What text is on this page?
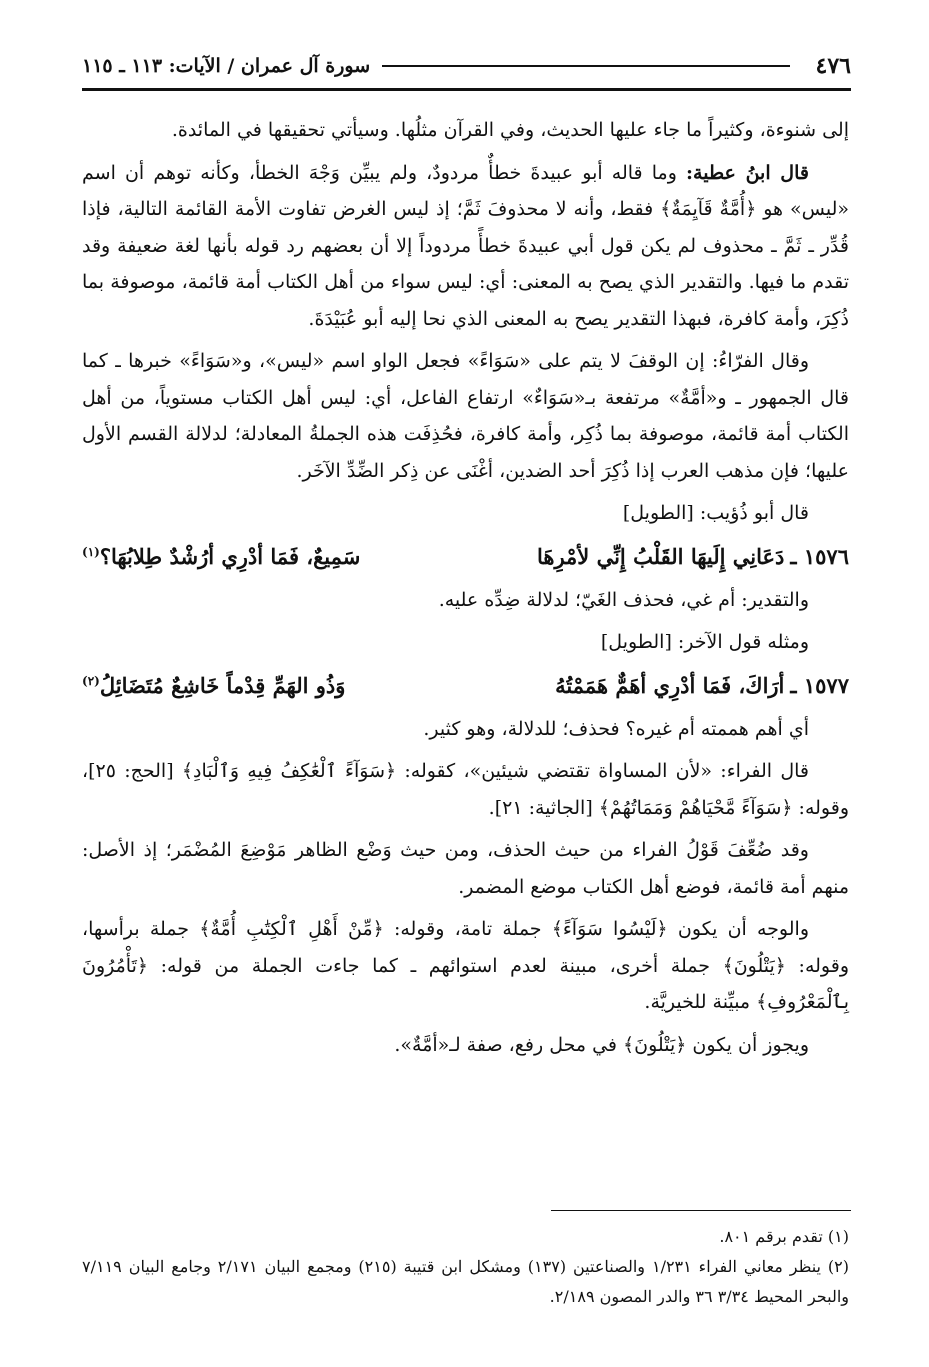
٤٧٦
سورة آل عمران / الآيات: ١١٣ ـ ١١٥

إلى شنوءة، وكثيراً ما جاء عليها الحديث، وفي القرآن مثلُها. وسيأتي تحقيقها في المائدة.

قال ابنُ عطية: وما قاله أبو عبيدةَ خطأٌ مردودٌ، ولم يبيِّن وَجْهَ الخطأ، وكأنه توهم أن اسم «ليس» هو ﴿أُمَّةٌ قَآيِمَةٌ﴾ فقط، وأنه لا محذوفَ ثَمَّ؛ إذ ليس الغرض تفاوت الأمة القائمة التالية، فإذا قُدِّر ـ ثَمَّ ـ محذوف لم يكن قول أبي عبيدةَ خطأً مردوداً إلا أن بعضهم رد قوله بأنها لغة ضعيفة وقد تقدم ما فيها. والتقدير الذي يصح به المعنى: أي: ليس سواء من أهل الكتاب أمة قائمة، موصوفة بما ذُكِرَ، وأمة كافرة، فبهذا التقدير يصح به المعنى الذي نحا إليه أبو عُبَيْدَةَ.

وقال الفرّاءُ: إن الوقفَ لا يتم على «سَوَاءً» فجعل الواو اسم «ليس»، و«سَوَاءً» خبرها ـ كما قال الجمهور ـ و«أمَّةٌ» مرتفعة بـ«سَوَاءٌ» ارتفاع الفاعل، أي: ليس أهل الكتاب مستوياً، من أهل الكتاب أمة قائمة، موصوفة بما ذُكِر، وأمة كافرة، فحُذِفَت هذه الجملةُ المعادلة؛ لدلالة القسم الأول عليها؛ فإن مذهب العرب إذا ذُكِرَ أحد الضدين، أغْنَى عن ذِكر الضِّدِّ الآخَر.

قال أبو ذُؤيب: [الطويل]

١٥٧٦ ـ
دَعَانِي إِلَيهَا القَلْبُ إِنِّي لأمْرِهَا
سَمِيعٌ، فَمَا أدْرِي أرُشْدٌ طِلابُهَا؟$^{(١)}$

والتقدير: أم غي، فحذف الغَيّ؛ لدلالة ضِدِّه عليه.

ومثله قول الآخر: [الطويل]

١٥٧٧ ـ
أرَاكَ، فَمَا أدْرِي أهَمٌّ هَمَمْتُهُ
وَذُو الهَمِّ قِدْماً خَاشِعٌ مُتَضَائِلُ$^{(٢)}$

أي أهم هممته أم غيره؟ فحذف؛ للدلالة، وهو كثير.

قال الفراء: «لأن المساواة تقتضي شيئين»، كقوله: ﴿سَوَآءً ٱلْعَٰكِفُ فِيهِ وَٱلْبَادِ﴾ [الحج: ٢٥]، وقوله: ﴿سَوَآءً مَّحْيَاهُمْ وَمَمَاتُهُمْ﴾ [الجاثية: ٢١].

وقد ضُعِّفَ قَوْلُ الفراء من حيث الحذف، ومن حيث وَضْع الظاهر مَوْضِعَ المُضْمَر؛ إذ الأصل: منهم أمة قائمة، فوضع أهل الكتاب موضع المضمر.

والوجه أن يكون ﴿لَيْسُوا سَوَآءً﴾ جملة تامة، وقوله: ﴿مِّنْ أَهْلِ ٱلْكِتَٰبِ أُمَّةٌ﴾ جملة برأسها، وقوله: ﴿يَتْلُونَ﴾ جملة أخرى، مبينة لعدم استوائهم ـ كما جاءت الجملة من قوله: ﴿تَأْمُرُونَ بِٱلْمَعْرُوفِ﴾ مبيِّنة للخيريَّة.

ويجوز أن يكون ﴿يَتْلُونَ﴾ في محل رفع، صفة لـ«أمَّةٌ».

(١) تقدم برقم ٨٠١.

(٢) ينظر معاني الفراء ١/٢٣١ والصناعتين (١٣٧) ومشكل ابن قتيبة (٢١٥) ومجمع البيان ٢/١٧١ وجامع البيان ٧/١١٩ والبحر المحيط ٣/٣٤ ٣٦ والدر المصون ٢/١٨٩.
